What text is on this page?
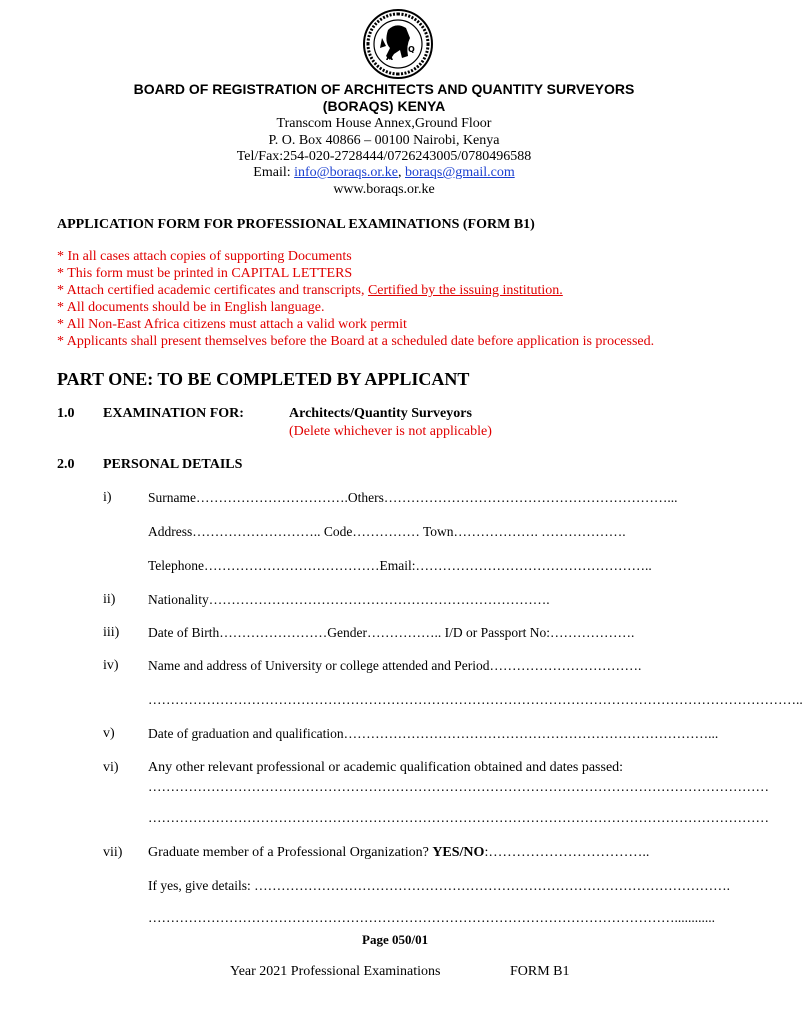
A
Q
BOARD OF REGISTRATION OF ARCHITECTS AND QUANTITY SURVEYORS
(BORAQS) KENYA
Transcom House Annex,Ground Floor
P. O. Box 40866 – 00100 Nairobi, Kenya
Tel/Fax:254-020-2728444/0726243005/0780496588
Email: info@boraqs.or.ke, boraqs@gmail.com
www.boraqs.or.ke
APPLICATION FORM FOR PROFESSIONAL EXAMINATIONS (FORM B1)
* In all cases attach copies of supporting Documents
* This form must be printed in CAPITAL LETTERS
* Attach certified academic certificates and transcripts, Certified by the issuing institution.
* All documents should be in English language.
* All Non-East Africa citizens must attach a valid work permit
* Applicants shall present themselves before the Board at a scheduled date before application is processed.
PART ONE: TO BE COMPLETED BY APPLICANT
1.0 EXAMINATION FOR:	Architects/Quantity Surveyors
(Delete whichever is not applicable)
2.0 PERSONAL DETAILS
i)	Surname…………………………….Others………………………………………………………...
Address……………………….. Code…………… Town………………. ……………….
Telephone…………………………………Email:……………………………………………..
ii) Nationality………………………………………………………………….
iii) Date of Birth……………………Gender…………….. I/D or Passport No:……………….
iv) Name and address of University or college attended and Period…………………………….
………………………………………………………………………………………………………………………………..
v) Date of graduation and qualification………………………………………………………………………...
vi) Any other relevant professional or academic qualification obtained and dates passed:
…………………………………………………………………………………………………………………………
…………………………………………………………………………………………………………………………
vii) Graduate member of a Professional Organization? YES/NO:……………………………..
If yes, give details: …………………………………………………………………………………………….
………………………………………………………………………………………………………............
Page 050/01
Year 2021 Professional Examinations	FORM B1
